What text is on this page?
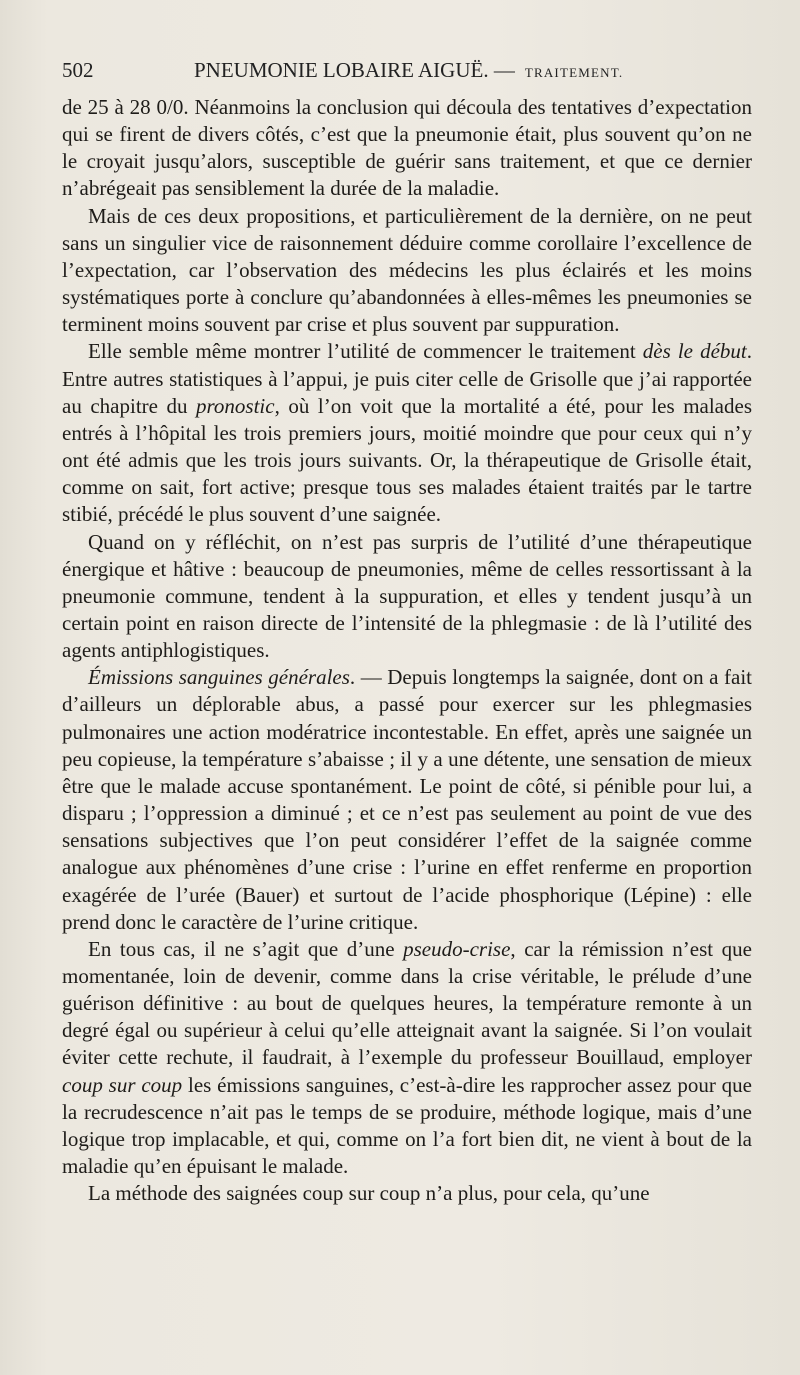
502	PNEUMONIE LOBAIRE AIGUË. — TRAITEMENT.

de 25 à 28 0/0. Néanmoins la conclusion qui découla des tentatives d’expectation qui se firent de divers côtés, c’est que la pneumonie était, plus souvent qu’on ne le croyait jusqu’alors, susceptible de guérir sans traitement, et que ce dernier n’abrégeait pas sensiblement la durée de la maladie.

Mais de ces deux propositions, et particulièrement de la dernière, on ne peut sans un singulier vice de raisonnement déduire comme corollaire l’excellence de l’expectation, car l’observation des médecins les plus éclairés et les moins systématiques porte à conclure qu’abandonnées à elles-mêmes les pneumonies se terminent moins souvent par crise et plus souvent par suppuration.

Elle semble même montrer l’utilité de commencer le traitement dès le début. Entre autres statistiques à l’appui, je puis citer celle de Grisolle que j’ai rapportée au chapitre du pronostic, où l’on voit que la mortalité a été, pour les malades entrés à l’hôpital les trois premiers jours, moitié moindre que pour ceux qui n’y ont été admis que les trois jours suivants. Or, la thérapeutique de Grisolle était, comme on sait, fort active; presque tous ses malades étaient traités par le tartre stibié, précédé le plus souvent d’une saignée.

Quand on y réfléchit, on n’est pas surpris de l’utilité d’une thérapeutique énergique et hâtive : beaucoup de pneumonies, même de celles ressortissant à la pneumonie commune, tendent à la suppuration, et elles y tendent jusqu’à un certain point en raison directe de l’intensité de la phlegmasie : de là l’utilité des agents antiphlogistiques.

Émissions sanguines générales. — Depuis longtemps la saignée, dont on a fait d’ailleurs un déplorable abus, a passé pour exercer sur les phlegmasies pulmonaires une action modératrice incontestable. En effet, après une saignée un peu copieuse, la température s’abaisse ; il y a une détente, une sensation de mieux être que le malade accuse spontanément. Le point de côté, si pénible pour lui, a disparu ; l’oppression a diminué ; et ce n’est pas seulement au point de vue des sensations subjectives que l’on peut considérer l’effet de la saignée comme analogue aux phénomènes d’une crise : l’urine en effet renferme en proportion exagérée de l’urée (Bauer) et surtout de l’acide phosphorique (Lépine) : elle prend donc le caractère de l’urine critique.

En tous cas, il ne s’agit que d’une pseudo-crise, car la rémission n’est que momentanée, loin de devenir, comme dans la crise véritable, le prélude d’une guérison définitive : au bout de quelques heures, la température remonte à un degré égal ou supérieur à celui qu’elle atteignait avant la saignée. Si l’on voulait éviter cette rechute, il faudrait, à l’exemple du professeur Bouillaud, employer coup sur coup les émissions sanguines, c’est-à-dire les rapprocher assez pour que la recrudescence n’ait pas le temps de se produire, méthode logique, mais d’une logique trop implacable, et qui, comme on l’a fort bien dit, ne vient à bout de la maladie qu’en épuisant le malade.

La méthode des saignées coup sur coup n’a plus, pour cela, qu’une
